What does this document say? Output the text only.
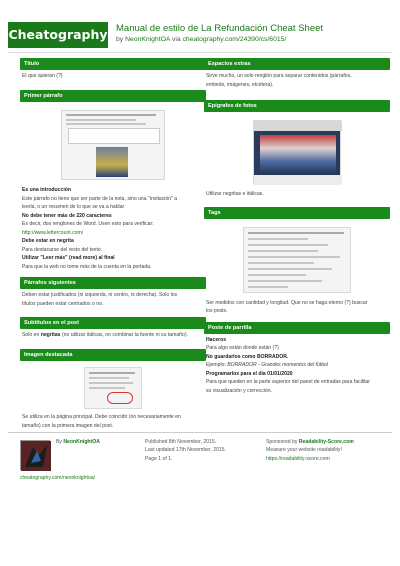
Cheatography Manual de estilo de La Refundación Cheat Sheet
by NeonKnightOA via cheatography.com/24390/cs/6015/
Título

El que quieran (?)

Primer párrafo

Es una introducción

Este párrafo no tiene que ser parte de la nota, sino una "invitación" a

leerla, o un resumen de lo que se va a hablar

No debe tener más de 220 caracteres

Es decir, dos renglones de Word. Usen esto para verificar:

http://www.lettercount.com/

Debe estar en negrita

Para destacarse del resto del texto.

Utilizar "Leer más" (read more) al final

Para que la web no tome más de la cuenta en la portada.

Párrafos siguientes

Deben estar justificados (ni izquierda, ni centro, ni derecha). Solo los

títulos pueden estar centrados o no.

Subtítulos en el post

Solo en negritas (no utilizar itálicas, no combinar la fuente ni su tamaño).

Imagen destacada

Se utiliza en la página principal. Debe coincidir (no necesariamente en

tamaño) con la primera imagen del post.

Espacios extras

Sirve mucho, un solo renglón para separar contenidos (párrafos,

embeds, imágenes, etcétera).

Epígrafes de fotos

Utilizar negritas e itálicas.

Tags

Ser medidos con cantidad y longitud. Que no se haga eterno (?) buscar

los posts.

Poste de parrilla

Haceros

Para algo están donde están (?)

No guardarlos como BORRADOR.

Ejemplo: BORRADOR - Grandes momentos del fútbol

Programarlos para el día 01/01/2020

Para que queden en la parte superior del panel de entradas para facilitar

su visualización y corrección.

By NeonKnightOA
cheatography.com/neonknightoa/

Published 8th November, 2015.

Last updated 17th November, 2015.

Page 1 of 1.

Sponsored by Readability-Score.com

Measure your website readability!

https://readability-score.com
